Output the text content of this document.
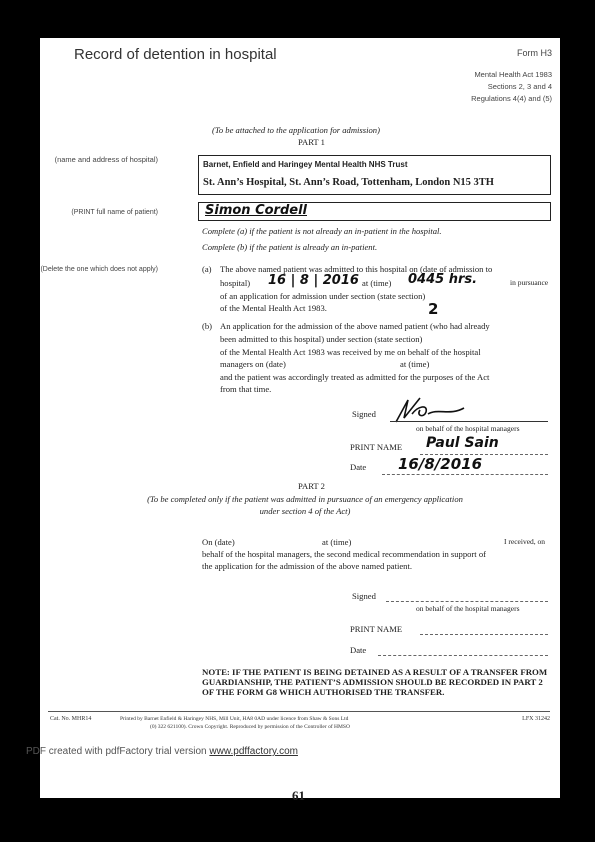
Record of detention in hospital	Form H3
Mental Health Act 1983
Sections 2, 3 and 4
Regulations 4(4) and (5)
(To be attached to the application for admission)
PART 1
(name and address of hospital)
Barnet, Enfield and Haringey Mental Health NHS Trust
St. Ann’s Hospital, St. Ann’s Road, Tottenham, London N15 3TH
(PRINT full name of patient)	Simon Cordell
Complete (a) if the patient is not already an in-patient in the hospital.
Complete (b) if the patient is already an in-patient.
(Delete the one which does not apply)	(a) The above named patient was admitted to this hospital on (date of admission to
hospital) 16 | 8 | 2016 at (time) 0445 hrs.	in pursuance
of an application for admission under section (state section)
of the Mental Health Act 1983.	2
(b) An application for the admission of the above named patient (who had already
been admitted to this hospital) under section (state section)
of the Mental Health Act 1983 was received by me on behalf of the hospital
managers on (date)	at (time)
and the patient was accordingly treated as admitted for the purposes of the Act
from that time.
Signed
on behalf of the hospital managers
PRINT NAME Paul Sain
Date 16/8/2016
PART 2
(To be completed only if the patient was admitted in pursuance of an emergency application under section 4 of the Act)
On (date)	at (time)	I received, on
behalf of the hospital managers, the second medical recommendation in support of
the application for the admission of the above named patient.
Signed
on behalf of the hospital managers
PRINT NAME
Date
NOTE: IF THE PATIENT IS BEING DETAINED AS A RESULT OF A TRANSFER FROM GUARDIANSHIP, THE PATIENT’S ADMISSION SHOULD BE RECORDED IN PART 2 OF THE FORM G8 WHICH AUTHORISED THE TRANSFER.
Cat. No. MHR14	Printed by Barnet Enfield & Haringey NHS, Mill Unit, HA8 0AD under licence from Shaw & Sons Ltd
(0) 322 621100). Crown Copyright. Reproduced by permission of the Controller of HMSO
LFX 31242
PDF created with pdfFactory trial version www.pdffactory.com
61
